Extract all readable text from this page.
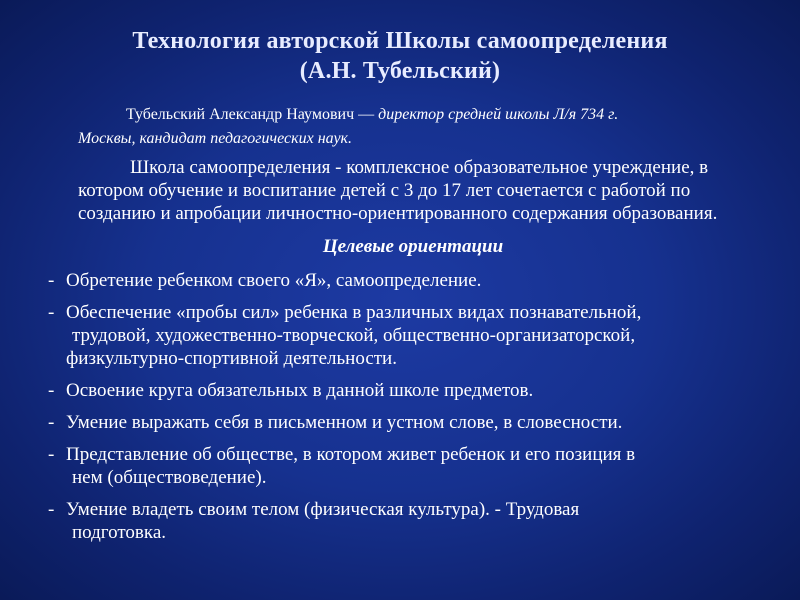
Технология авторской Школы самоопределения
(А.Н. Тубельский)

Тубельский Александр Наумович — директор средней школы Л/я 734 г.

Москвы, кандидат педагогических наук.

Школа самоопределения - комплексное образовательное учреждение, в котором обучение и воспитание детей с 3 до 17 лет сочетается с работой по созданию и апробации личностно-ориентированного содержания образования.

Целевые ориентации
- Обретение ребенком своего «Я», самоопределение.
- Обеспечение «пробы сил» ребенка в различных видах познавательной,
трудовой, художественно-творческой, общественно-организаторской, физкультурно-спортивной деятельности.
- Освоение круга обязательных в данной школе предметов.
- Умение выражать себя в письменном и устном слове, в словесности.
- Представление об обществе, в котором живет ребенок и его позиция в
нем (обществоведение).
- Умение владеть своим телом (физическая культура). - Трудовая
подготовка.
